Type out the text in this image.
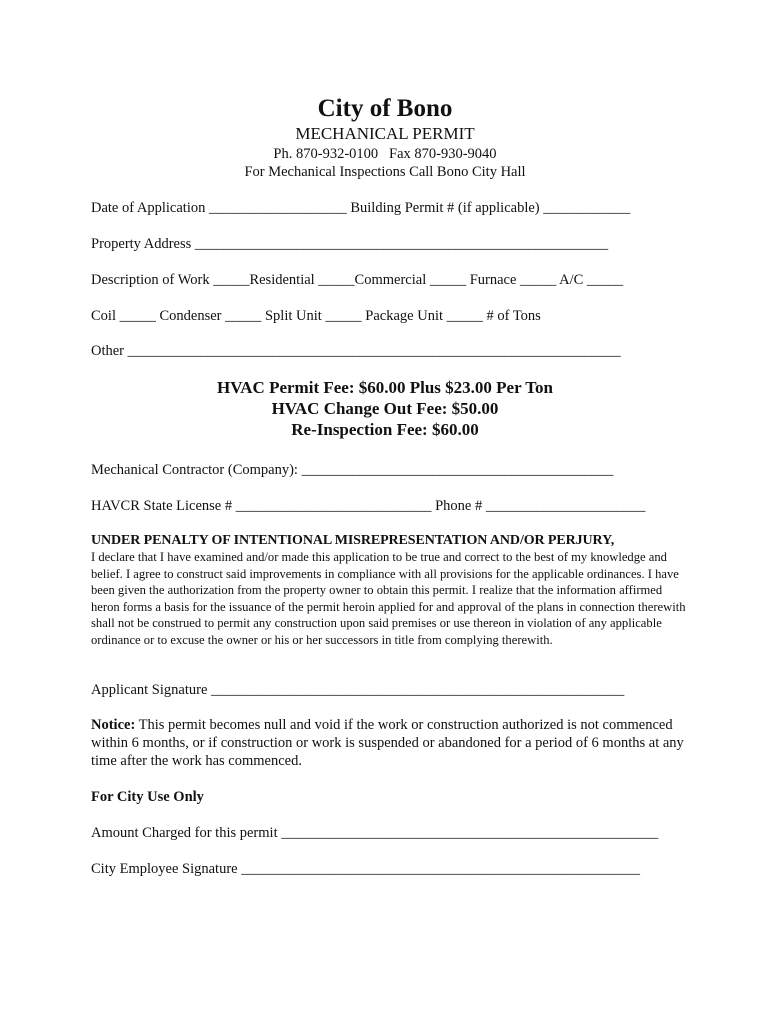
City of Bono
MECHANICAL PERMIT
Ph. 870-932-0100   Fax 870-930-9040
For Mechanical Inspections Call Bono City Hall
Date of Application ___________________ Building Permit # (if applicable) ____________
Property Address _________________________________________________________
Description of Work _____Residential _____Commercial _____ Furnace _____ A/C _____
Coil _____ Condenser _____ Split Unit _____ Package Unit _____ # of Tons
Other ____________________________________________________________________
HVAC Permit Fee: $60.00 Plus $23.00 Per Ton
HVAC Change Out Fee: $50.00
Re-Inspection Fee: $60.00
Mechanical Contractor (Company): ___________________________________________
HAVCR State License # ___________________________ Phone # ______________________
UNDER PENALTY OF INTENTIONAL MISREPRESENTATION AND/OR PERJURY,
I declare that I have examined and/or made this application to be true and correct to the best of my knowledge and belief. I agree to construct said improvements in compliance with all provisions for the applicable ordinances. I have been given the authorization from the property owner to obtain this permit. I realize that the information affirmed heron forms a basis for the issuance of the permit heroin applied for and approval of the plans in connection therewith shall not be construed to permit any construction upon said premises or use thereon in violation of any applicable ordinance or to excuse the owner or his or her successors in title from complying therewith.
Applicant Signature _________________________________________________________
Notice: This permit becomes null and void if the work or construction authorized is not commenced within 6 months, or if construction or work is suspended or abandoned for a period of 6 months at any time after the work has commenced.
For City Use Only
Amount Charged for this permit ____________________________________________________
City Employee Signature _______________________________________________________
